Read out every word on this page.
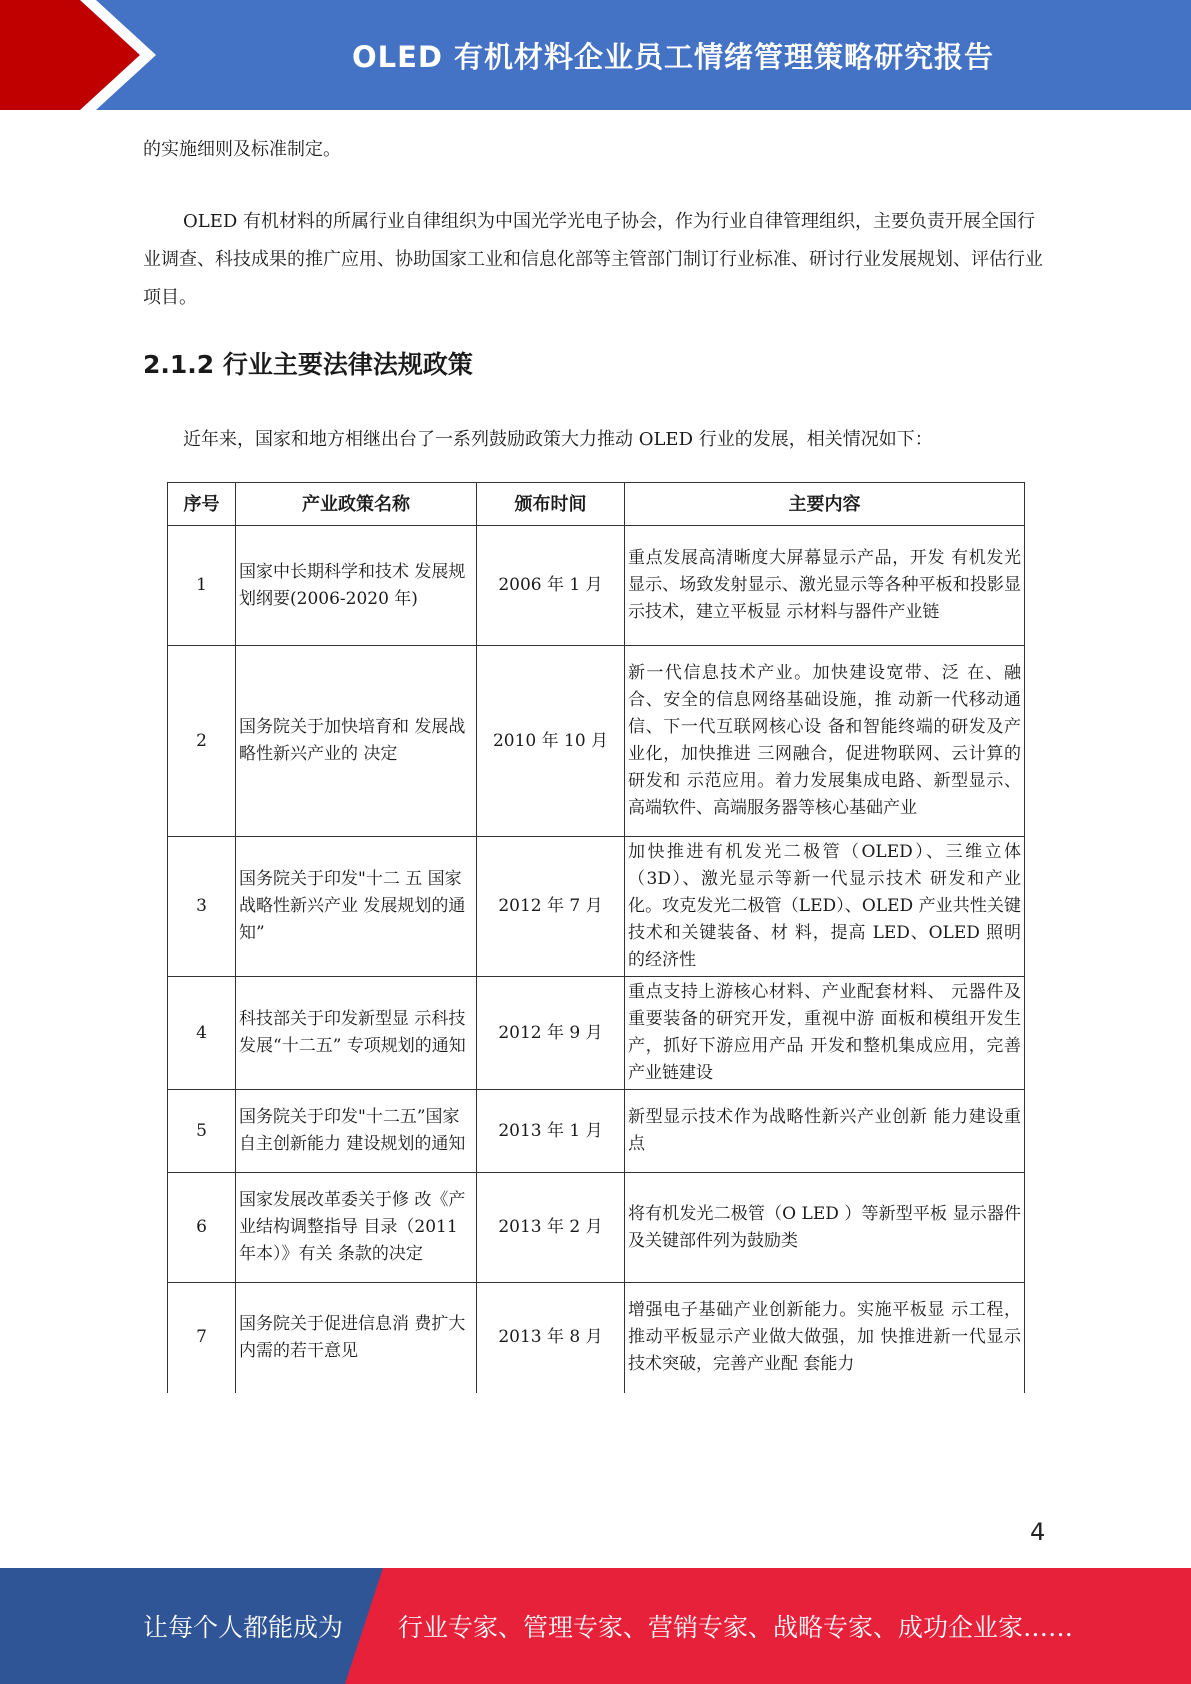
OLED 有机材料企业员工情绪管理策略研究报告

的实施细则及标准制定。

OLED 有机材料的所属行业自律组织为中国光学光电子协会，作为行业自律管理组织，主要负责开展全国行业调查、科技成果的推广应用、协助国家工业和信息化部等主管部门制订行业标准、研讨行业发展规划、评估行业项目。

2.1.2 行业主要法律法规政策

近年来，国家和地方相继出台了一系列鼓励政策大力推动 OLED 行业的发展，相关情况如下：

序号	产业政策名称	颁布时间	主要内容
1	国家中长期科学和技术 发展规划纲要(2006-2020 年)	2006 年 1 月	重点发展高清晰度大屏幕显示产品，开发 有机发光显示、场致发射显示、激光显示等各种平板和投影显示技术，建立平板显 示材料与器件产业链
2	国务院关于加快培育和 发展战略性新兴产业的 决定	2010 年 10 月	新一代信息技术产业。加快建设宽带、泛 在、融合、安全的信息网络基础设施，推 动新一代移动通信、下一代互联网核心设 备和智能终端的研发及产业化，加快推进 三网融合，促进物联网、云计算的研发和 示范应用。着力发展集成电路、新型显示、 高端软件、高端服务器等核心基础产业
3	国务院关于印发"十二 五 国家战略性新兴产业 发展规划的通知”	2012 年 7 月	加快推进有机发光二极管（OLED）、三维立体（3D）、激光显示等新一代显示技术 研发和产业化。攻克发光二极管（LED）、OLED 产业共性关键技术和关键装备、材 料，提高 LED、OLED 照明的经济性
4	科技部关于印发新型显 示科技发展“十二五” 专项规划的通知	2012 年 9 月	重点支持上游核心材料、产业配套材料、 元器件及重要装备的研究开发，重视中游 面板和模组开发生产，抓好下游应用产品 开发和整机集成应用，完善产业链建设
5	国务院关于印发"十二五”国家自主创新能力 建设规划的通知	2013 年 1 月	新型显示技术作为战略性新兴产业创新 能力建设重点
6	国家发展改革委关于修 改《产业结构调整指导 目录（2011 年本）》有关 条款的决定	2013 年 2 月	将有机发光二极管（O LED ）等新型平板 显示器件及关键部件列为鼓励类
7	国务院关于促进信息消 费扩大内需的若干意见	2013 年 8 月	增强电子基础产业创新能力。实施平板显 示工程，推动平板显示产业做大做强，加 快推进新一代显示技术突破，完善产业配 套能力
4
让每个人都能成为 行业专家、管理专家、营销专家、战略专家、成功企业家……
